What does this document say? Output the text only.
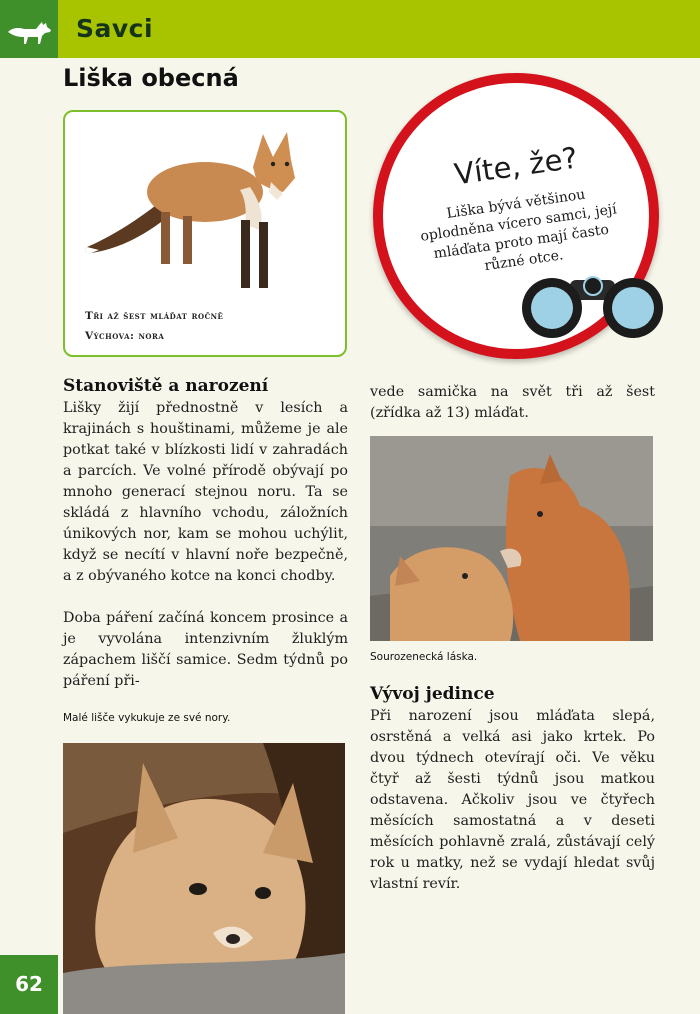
Savci
Liška obecná
Tři až šest mláďat ročně
Výchova: nora
Víte, že?
Liška bývá většinou oplodněna vícero samci, její mláďata proto mají často různé otce.
Stanoviště a narození

Lišky žijí přednostně v lesích a krajinách s houštinami, můžeme je ale potkat také v blízkosti lidí v zahradách a parcích. Ve volné přírodě obývají po mnoho generací stejnou noru. Ta se skládá z hlavního vchodu, záložních únikových nor, kam se mohou uchýlit, když se necítí v hlavní noře bezpečně, a z obývaného kotce na konci chodby.

Doba páření začíná koncem prosince a je vyvolána intenzivním žluklým zápachem liščí samice. Sedm týdnů po páření při-

vede samička na svět tři až šest (zřídka až 13) mláďat.

Sourozenecká láska.
Vývoj jedince

Při narození jsou mláďata slepá, osrstěná a velká asi jako krtek. Po dvou týdnech otevírají oči. Ve věku čtyř až šesti týdnů jsou matkou odstavena. Ačkoliv jsou ve čtyřech měsících samostatná a v deseti měsících pohlavně zralá, zůstávají celý rok u matky, než se vydají hledat svůj vlastní revír.

Malé lišče vykukuje ze své nory.
62
